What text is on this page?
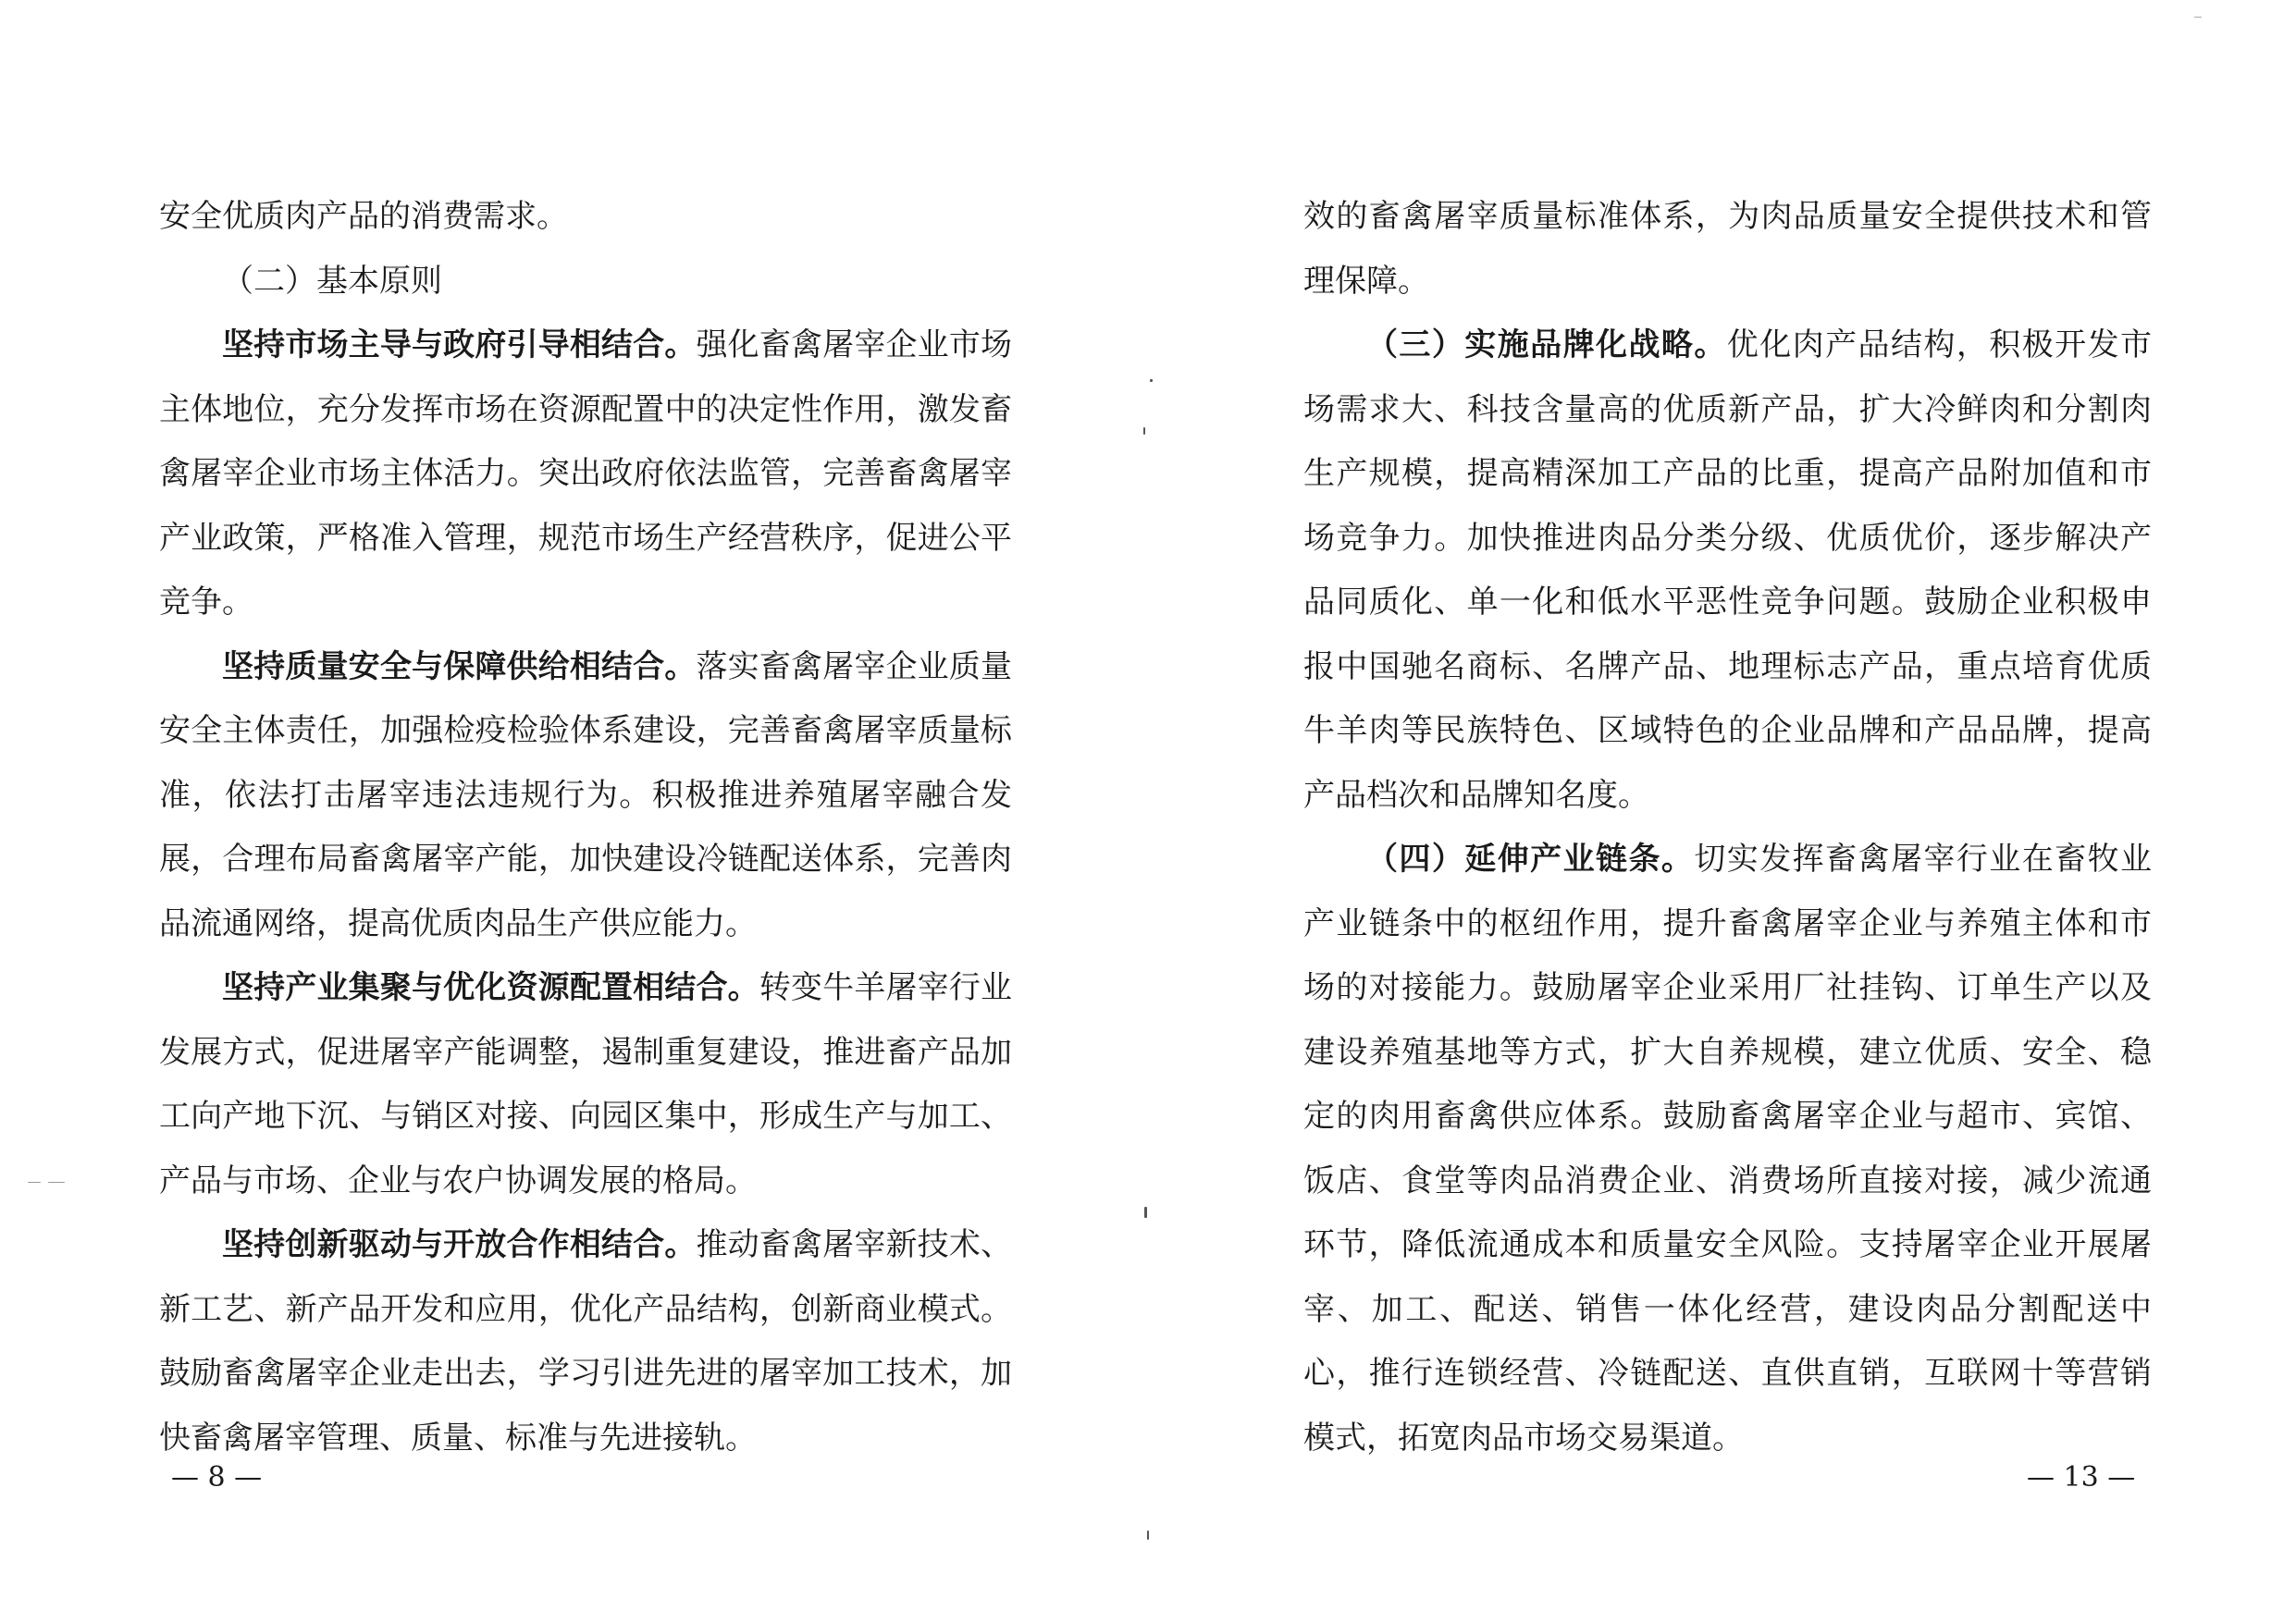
安全优质肉产品的消费需求。

（二）基本原则

坚持市场主导与政府引导相结合。强化畜禽屠宰企业市场主体地位，充分发挥市场在资源配置中的决定性作用，激发畜禽屠宰企业市场主体活力。突出政府依法监管，完善畜禽屠宰产业政策，严格准入管理，规范市场生产经营秩序，促进公平竞争。

坚持质量安全与保障供给相结合。落实畜禽屠宰企业质量安全主体责任，加强检疫检验体系建设，完善畜禽屠宰质量标准，依法打击屠宰违法违规行为。积极推进养殖屠宰融合发展，合理布局畜禽屠宰产能，加快建设冷链配送体系，完善肉品流通网络，提高优质肉品生产供应能力。

坚持产业集聚与优化资源配置相结合。转变牛羊屠宰行业发展方式，促进屠宰产能调整，遏制重复建设，推进畜产品加工向产地下沉、与销区对接、向园区集中，形成生产与加工、产品与市场、企业与农户协调发展的格局。

坚持创新驱动与开放合作相结合。推动畜禽屠宰新技术、新工艺、新产品开发和应用，优化产品结构，创新商业模式。鼓励畜禽屠宰企业走出去，学习引进先进的屠宰加工技术，加快畜禽屠宰管理、质量、标准与先进接轨。

— 8 —

效的畜禽屠宰质量标准体系，为肉品质量安全提供技术和管理保障。

（三）实施品牌化战略。优化肉产品结构，积极开发市场需求大、科技含量高的优质新产品，扩大冷鲜肉和分割肉生产规模，提高精深加工产品的比重，提高产品附加值和市场竞争力。加快推进肉品分类分级、优质优价，逐步解决产品同质化、单一化和低水平恶性竞争问题。鼓励企业积极申报中国驰名商标、名牌产品、地理标志产品，重点培育优质牛羊肉等民族特色、区域特色的企业品牌和产品品牌，提高产品档次和品牌知名度。

（四）延伸产业链条。切实发挥畜禽屠宰行业在畜牧业产业链条中的枢纽作用，提升畜禽屠宰企业与养殖主体和市场的对接能力。鼓励屠宰企业采用厂社挂钩、订单生产以及建设养殖基地等方式，扩大自养规模，建立优质、安全、稳定的肉用畜禽供应体系。鼓励畜禽屠宰企业与超市、宾馆、饭店、食堂等肉品消费企业、消费场所直接对接，减少流通环节，降低流通成本和质量安全风险。支持屠宰企业开展屠宰、加工、配送、销售一体化经营，建设肉品分割配送中心，推行连锁经营、冷链配送、直供直销，互联网十等营销模式，拓宽肉品市场交易渠道。

— 13 —
